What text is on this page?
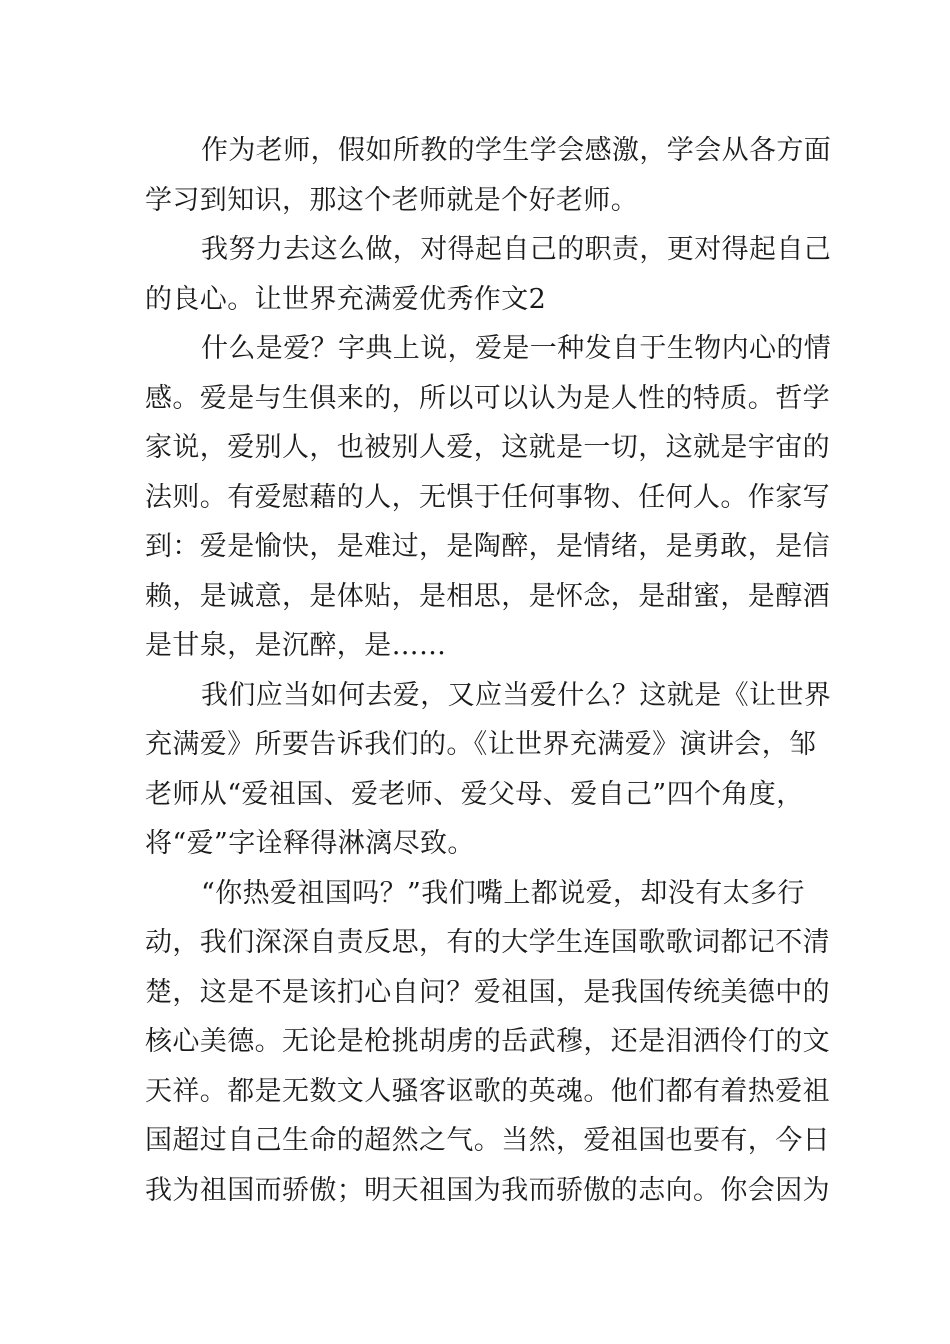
作为老师，假如所教的学生学会感激，学会从各方面
学习到知识，那这个老师就是个好老师。
我努力去这么做，对得起自己的职责，更对得起自己
的良心。让世界充满爱优秀作文2
什么是爱？字典上说，爱是一种发自于生物内心的情
感。爱是与生俱来的，所以可以认为是人性的特质。哲学
家说，爱别人，也被别人爱，这就是一切，这就是宇宙的
法则。有爱慰藉的人，无惧于任何事物、任何人。作家写
到：爱是愉快，是难过，是陶醉，是情绪，是勇敢，是信
赖，是诚意，是体贴，是相思，是怀念，是甜蜜，是醇酒
是甘泉，是沉醉，是……
我们应当如何去爱，又应当爱什么？这就是《让世界
充满爱》所要告诉我们的。《让世界充满爱》演讲会，邹
老师从“爱祖国、爱老师、爱父母、爱自己”四个角度，
将“爱”字诠释得淋漓尽致。
“你热爱祖国吗？”我们嘴上都说爱，却没有太多行
动，我们深深自责反思，有的大学生连国歌歌词都记不清
楚，这是不是该扪心自问？爱祖国，是我国传统美德中的
核心美德。无论是枪挑胡虏的岳武穆，还是泪洒伶仃的文
天祥。都是无数文人骚客讴歌的英魂。他们都有着热爱祖
国超过自己生命的超然之气。当然，爱祖国也要有，今日
我为祖国而骄傲；明天祖国为我而骄傲的志向。你会因为
